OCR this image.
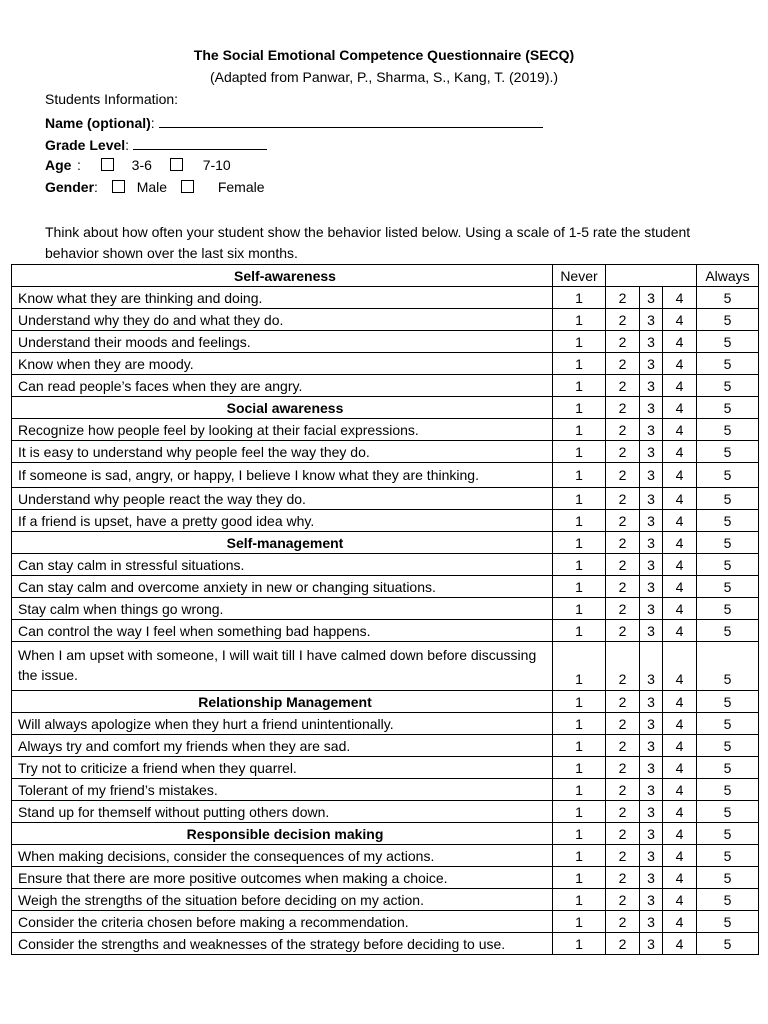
The Social Emotional Competence Questionnaire (SECQ)
(Adapted from Panwar, P., Sharma, S., Kang, T. (2019).)
Students Information:
Name (optional):
Grade Level:
Age :	3-6	7-10
Gender:	Male	Female
Think about how often your student show the behavior listed below. Using a scale of 1-5 rate the student behavior shown over the last six months.
Self-awareness	Never				Always
Know what they are thinking and doing.	1	2	3	4	5
Understand why they do and what they do.	1	2	3	4	5
Understand their moods and feelings.	1	2	3	4	5
Know when they are moody.	1	2	3	4	5
Can read people’s faces when they are angry.	1	2	3	4	5
Social awareness	1	2	3	4	5
Recognize how people feel by looking at their facial expressions.	1	2	3	4	5
It is easy to understand why people feel the way they do.	1	2	3	4	5
If someone is sad, angry, or happy, I believe I know what they are thinking.	1	2	3	4	5
Understand why people react the way they do.	1	2	3	4	5
If a friend is upset, have a pretty good idea why.	1	2	3	4	5
Self-management	1	2	3	4	5
Can stay calm in stressful situations.	1	2	3	4	5
Can stay calm and overcome anxiety in new or changing situations.	1	2	3	4	5
Stay calm when things go wrong.	1	2	3	4	5
Can control the way I feel when something bad happens.	1	2	3	4	5
When I am upset with someone, I will wait till I have calmed down before discussing the issue.	1	2	3	4	5
Relationship Management	1	2	3	4	5
Will always apologize when they hurt a friend unintentionally.	1	2	3	4	5
Always try and comfort my friends when they are sad.	1	2	3	4	5
Try not to criticize a friend when they quarrel.	1	2	3	4	5
Tolerant of my friend’s mistakes.	1	2	3	4	5
Stand up for themself without putting others down.	1	2	3	4	5
Responsible decision making	1	2	3	4	5
When making decisions, consider the consequences of my actions.	1	2	3	4	5
Ensure that there are more positive outcomes when making a choice.	1	2	3	4	5
Weigh the strengths of the situation before deciding on my action.	1	2	3	4	5
Consider the criteria chosen before making a recommendation.	1	2	3	4	5
Consider the strengths and weaknesses of the strategy before deciding to use.	1	2	3	4	5
